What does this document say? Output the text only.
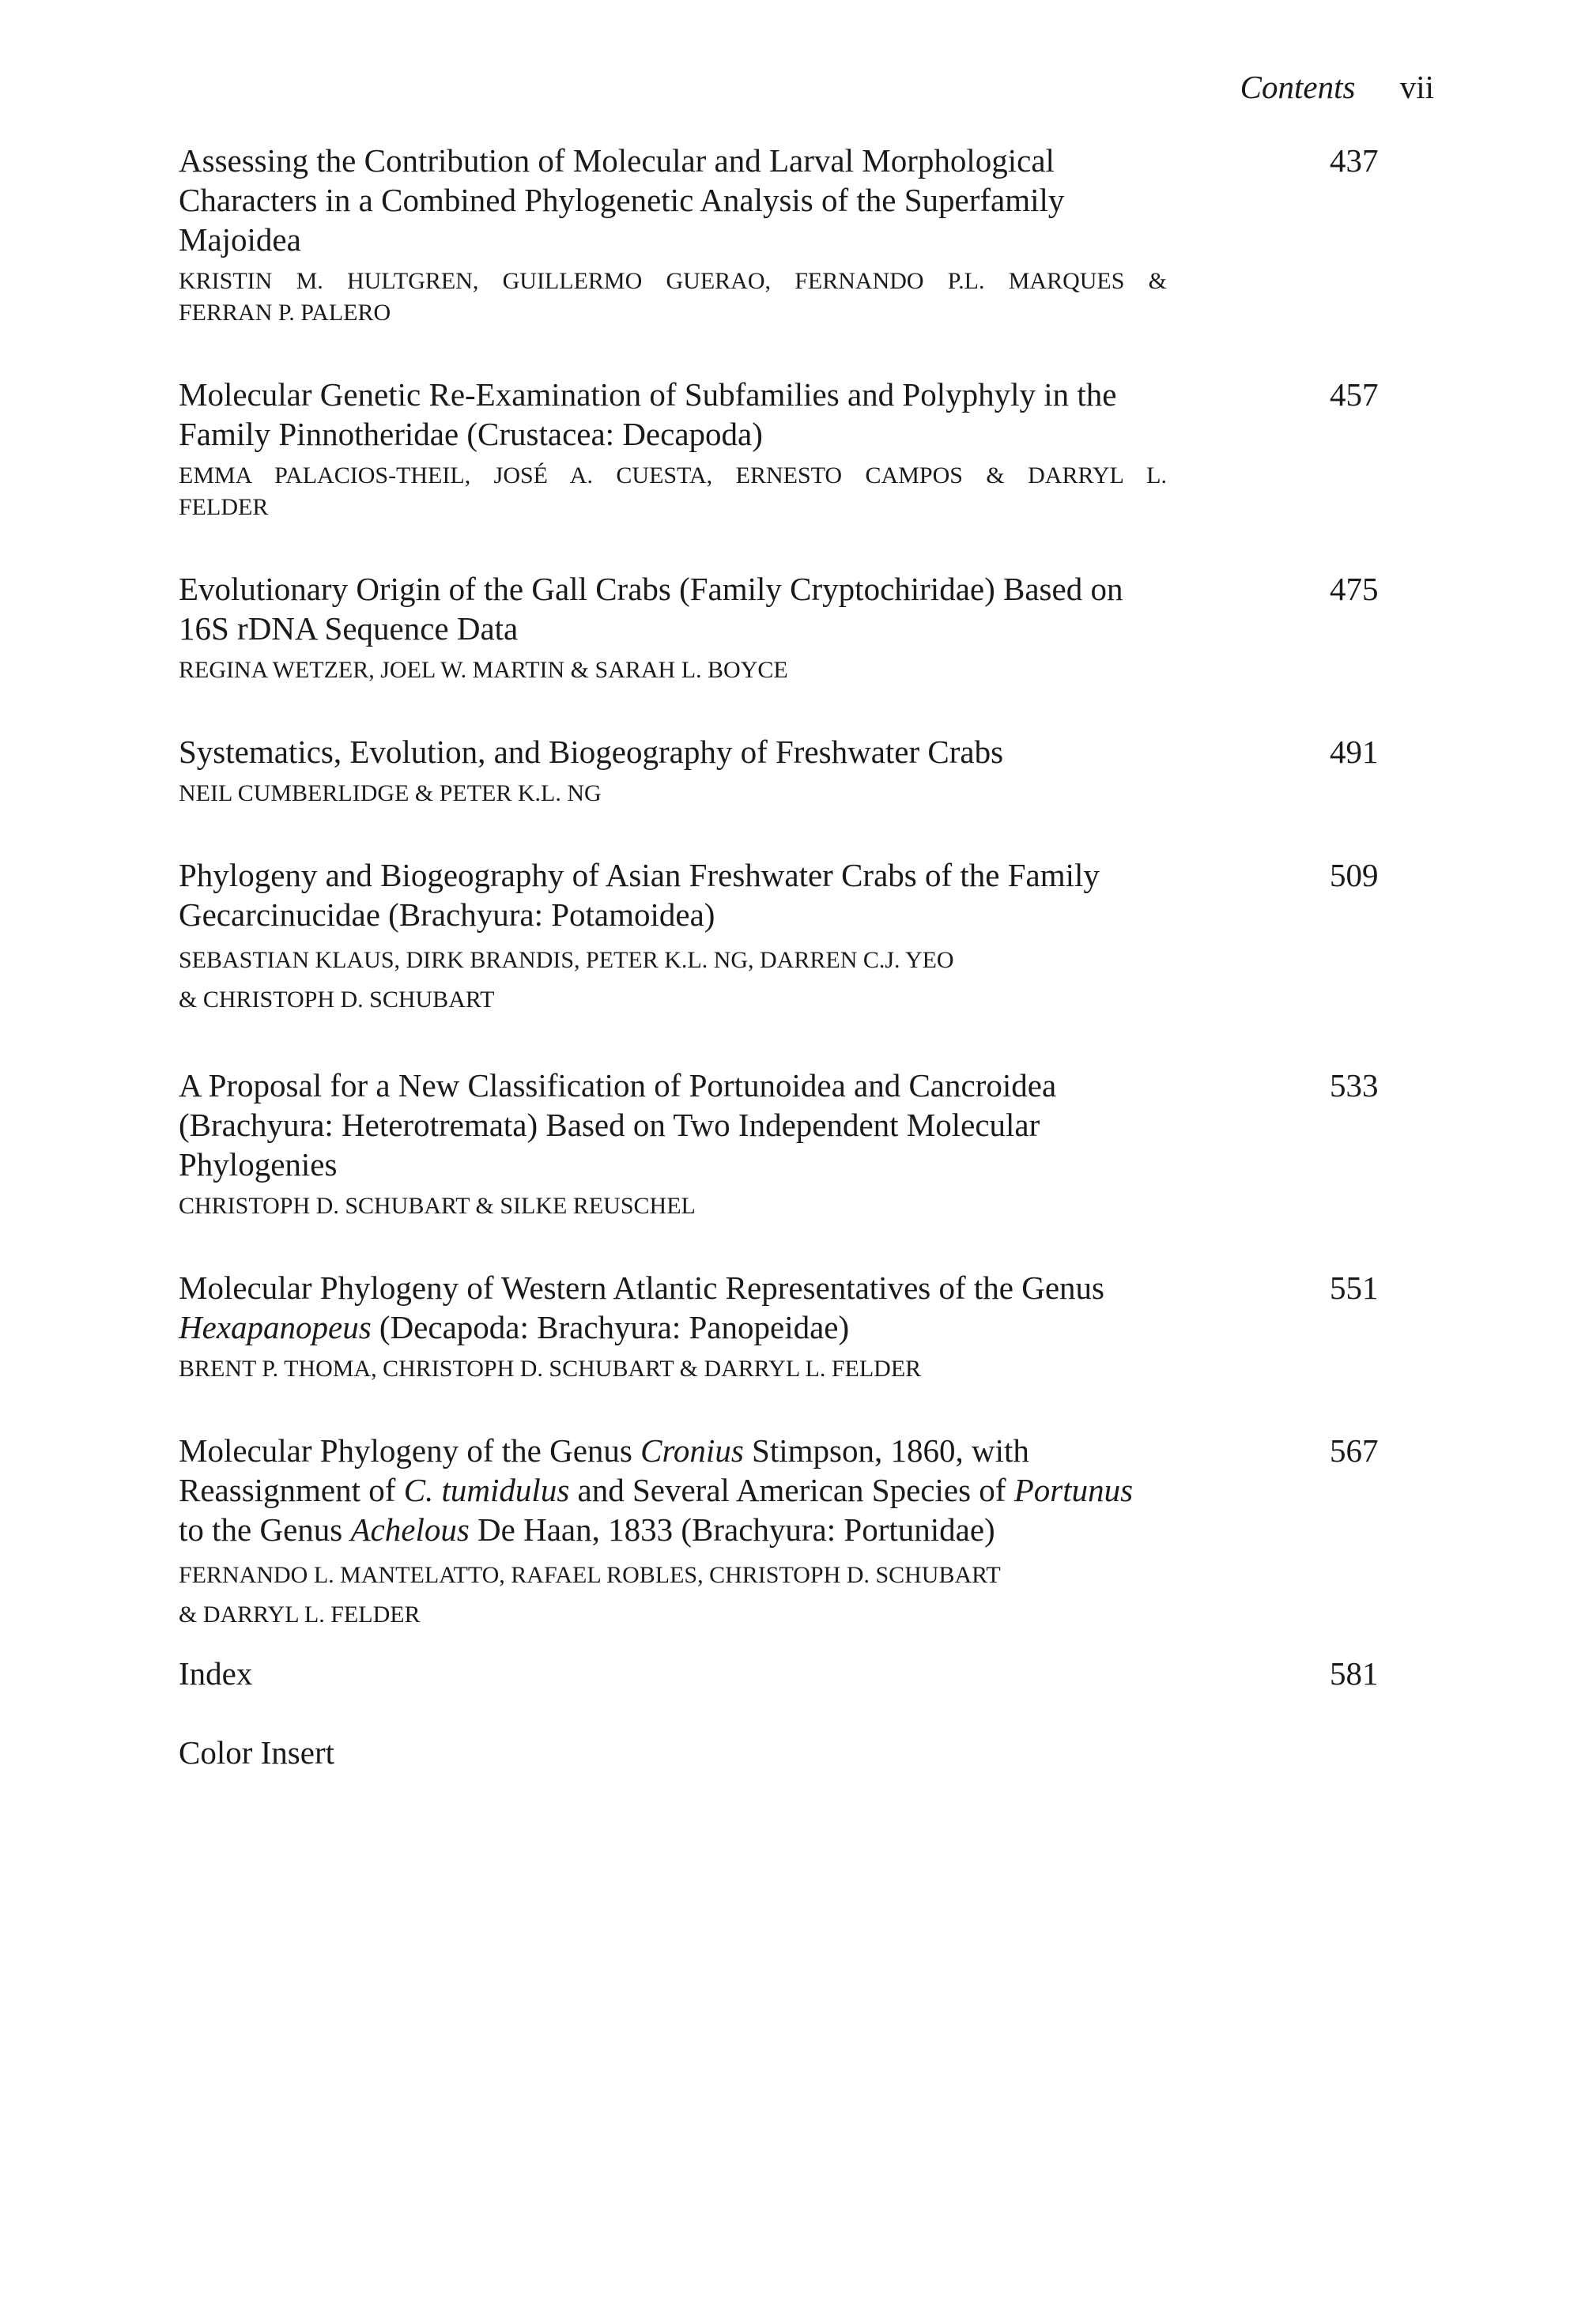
Contents vii
Assessing the Contribution of Molecular and Larval Morphological
Characters in a Combined Phylogenetic Analysis of the Superfamily
Majoidea
437
KRISTIN M. HULTGREN, GUILLERMO GUERAO, FERNANDO P.L. MARQUES &
FERRAN P. PALERO
Molecular Genetic Re-Examination of Subfamilies and Polyphyly in the
Family Pinnotheridae (Crustacea: Decapoda)
457
EMMA PALACIOS-THEIL, JOSÉ A. CUESTA, ERNESTO CAMPOS & DARRYL L.
FELDER
Evolutionary Origin of the Gall Crabs (Family Cryptochiridae) Based on
16S rDNA Sequence Data
475
REGINA WETZER, JOEL W. MARTIN & SARAH L. BOYCE
Systematics, Evolution, and Biogeography of Freshwater Crabs	491
NEIL CUMBERLIDGE & PETER K.L. NG
Phylogeny and Biogeography of Asian Freshwater Crabs of the Family
Gecarcinucidae (Brachyura: Potamoidea)
509
SEBASTIAN KLAUS, DIRK BRANDIS, PETER K.L. NG, DARREN C.J. YEO
& CHRISTOPH D. SCHUBART
A Proposal for a New Classification of Portunoidea and Cancroidea
(Brachyura: Heterotremata) Based on Two Independent Molecular
Phylogenies
533
CHRISTOPH D. SCHUBART & SILKE REUSCHEL
Molecular Phylogeny of Western Atlantic Representatives of the Genus
Hexapanopeus (Decapoda: Brachyura: Panopeidae)
551
BRENT P. THOMA, CHRISTOPH D. SCHUBART & DARRYL L. FELDER
Molecular Phylogeny of the Genus Cronius Stimpson, 1860, with
Reassignment of C. tumidulus and Several American Species of Portunus
to the Genus Achelous De Haan, 1833 (Brachyura: Portunidae)
567
FERNANDO L. MANTELATTO, RAFAEL ROBLES, CHRISTOPH D. SCHUBART
& DARRYL L. FELDER
Index	581
Color Insert
